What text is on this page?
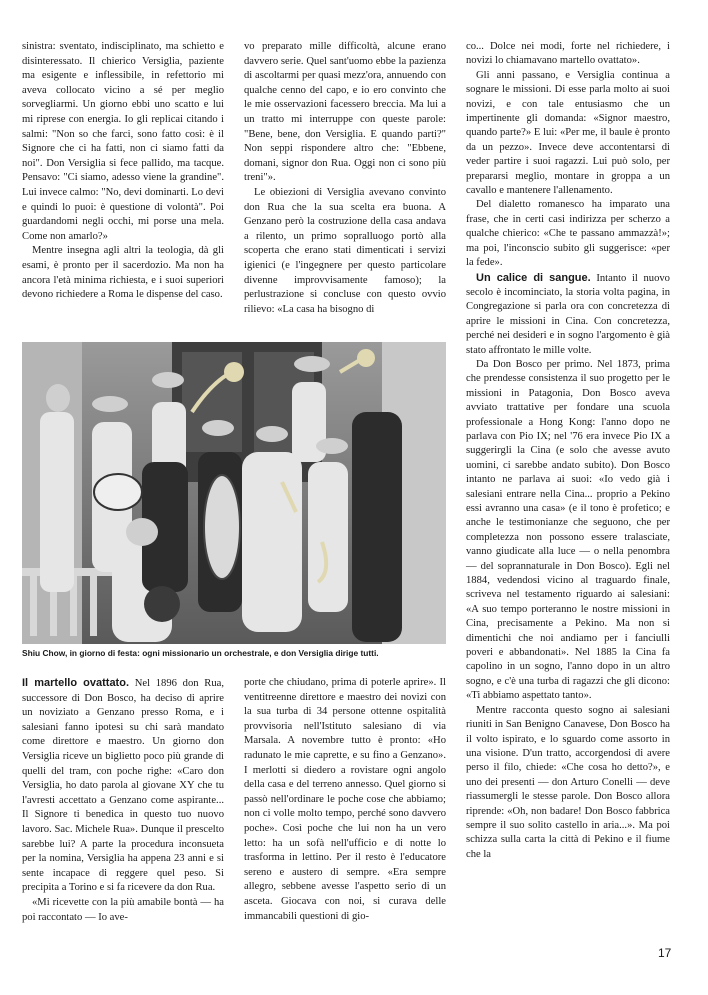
sinistra: sventato, indisciplinato, ma schietto e disinteressato. Il chierico Versiglia, paziente ma esigente e inflessibile, in refettorio mi aveva collocato vicino a sé per meglio sorvegliarmi. Un giorno ebbi uno scatto e lui mi riprese con energia. Io gli replicai citando i salmi: "Non so che farci, sono fatto così: è il Signore che ci ha fatti, non ci siamo fatti da noi". Don Versiglia si fece pallido, ma tacque. Pensavo: "Ci siamo, adesso viene la grandine". Lui invece calmo: "No, devi dominarti. Lo devi e quindi lo puoi: è questione di volontà". Poi guardandomi negli occhi, mi porse una mela. Come non amarlo?»

Mentre insegna agli altri la teologia, dà gli esami, è pronto per il sacerdozio. Ma non ha ancora l'età minima richiesta, e i suoi superiori devono richiedere a Roma le dispense del caso.

vo preparato mille difficoltà, alcune erano davvero serie. Quel sant'uomo ebbe la pazienza di ascoltarmi per quasi mezz'ora, annuendo con qualche cenno del capo, e io ero convinto che le mie osservazioni facessero breccia. Ma lui a un tratto mi interruppe con queste parole: "Bene, bene, don Versiglia. E quando parti?" Non seppi rispondere altro che: "Ebbene, domani, signor don Rua. Oggi non ci sono più treni"».

Le obiezioni di Versiglia avevano convinto don Rua che la sua scelta era buona. A Genzano però la costruzione della casa andava a rilento, un primo sopralluogo portò alla scoperta che erano stati dimenticati i servizi igienici (e l'ingegnere per questo particolare divenne improvvisamente famoso); la perlustrazione si concluse con questo ovvio rilievo: «La casa ha bisogno di

co... Dolce nei modi, forte nel richiedere, i novizi lo chiamavano martello ovattato».

Gli anni passano, e Versiglia continua a sognare le missioni. Di esse parla molto ai suoi novizi, e con tale entusiasmo che un impertinente gli domanda: «Signor maestro, quando parte?» E lui: «Per me, il baule è pronto da un pezzo». Invece deve accontentarsi di veder partire i suoi ragazzi. Lui può solo, per prepararsi meglio, montare in groppa a un cavallo e mantenere l'allenamento.

Del dialetto romanesco ha imparato una frase, che in certi casi indirizza per scherzo a qualche chierico: «Che te passano ammazzà!»; ma poi, l'inconscio subito gli suggerisce: «per la fede».

Un calice di sangue. Intanto il nuovo secolo è incominciato, la storia volta pagina, in Congregazione si parla ora con concretezza di aprire le missioni in Cina. Con concretezza, perché nei desideri e in sogno l'argomento è già stato affrontato le mille volte.

Da Don Bosco per primo. Nel 1873, prima che prendesse consistenza il suo progetto per le missioni in Patagonia, Don Bosco aveva avviato trattative per fondare una scuola professionale a Hong Kong: l'anno dopo ne parlava con Pio IX; nel '76 era invece Pio IX a suggerirgli la Cina (e solo che avesse avuto uomini, ci sarebbe andato subito). Don Bosco intanto ne parlava ai suoi: «Io vedo già i salesiani entrare nella Cina... proprio a Pekino essi avranno una casa» (e il tono è profetico; e anche le testimonianze che seguono, che per completezza non possono essere tralasciate, vanno giudicate alla luce — o nella penombra — del soprannaturale in Don Bosco). Egli nel 1884, vedendosi vicino al traguardo finale, scriveva nel testamento riguardo ai salesiani: «A suo tempo porteranno le nostre missioni in Cina, precisamente a Pekino. Ma non si dimentichi che noi andiamo per i fanciulli poveri e abbandonati». Nel 1885 la Cina fa capolino in un sogno, l'anno dopo in un altro sogno, e c'è una turba di ragazzi che gli dicono: «Ti abbiamo aspettato tanto».

Mentre racconta questo sogno ai salesiani riuniti in San Benigno Canavese, Don Bosco ha il volto ispirato, e lo sguardo come assorto in una visione. D'un tratto, accorgendosi di avere perso il filo, chiede: «Che cosa ho detto?», e uno dei presenti — don Arturo Conelli — deve riassumergli le stesse parole. Don Bosco allora riprende: «Oh, non badare! Don Bosco fabbrica sempre il suo solito castello in aria...». Ma poi schizza sulla carta la città di Pekino e il fiume che la

Shiu Chow, in giorno di festa: ogni missionario un orchestrale, e don Versiglia dirige tutti.

Il martello ovattato. Nel 1896 don Rua, successore di Don Bosco, ha deciso di aprire un noviziato a Genzano presso Roma, e i salesiani fanno ipotesi su chi sarà mandato come direttore e maestro. Un giorno don Versiglia riceve un biglietto poco più grande di quelli del tram, con poche righe: «Caro don Versiglia, ho dato parola al giovane XY che tu l'avresti accettato a Genzano come aspirante... Il Signore ti benedica in questo tuo nuovo lavoro. Sac. Michele Rua». Dunque il prescelto sarebbe lui? A parte la procedura inconsueta per la nomina, Versiglia ha appena 23 anni e si sente incapace di reggere quel peso. Si precipita a Torino e si fa ricevere da don Rua.

«Mi ricevette con la più amabile bontà — ha poi raccontato — Io ave-

porte che chiudano, prima di poterle aprire». Il ventitreenne direttore e maestro dei novizi con la sua turba di 34 persone ottenne ospitalità provvisoria nell'Istituto salesiano di via Marsala. A novembre tutto è pronto: «Ho radunato le mie caprette, e su fino a Genzano». I merlotti si diedero a rovistare ogni angolo della casa e del terreno annesso. Quel giorno si passò nell'ordinare le poche cose che abbiamo; non ci volle molto tempo, perché sono davvero poche». Così poche che lui non ha un vero letto: ha un sofà nell'ufficio e di notte lo trasforma in lettino. Per il resto è l'educatore sereno e austero di sempre. «Era sempre allegro, sebbene avesse l'aspetto serio di un asceta. Giocava con noi, si curava delle immancabili questioni di gio-

17
